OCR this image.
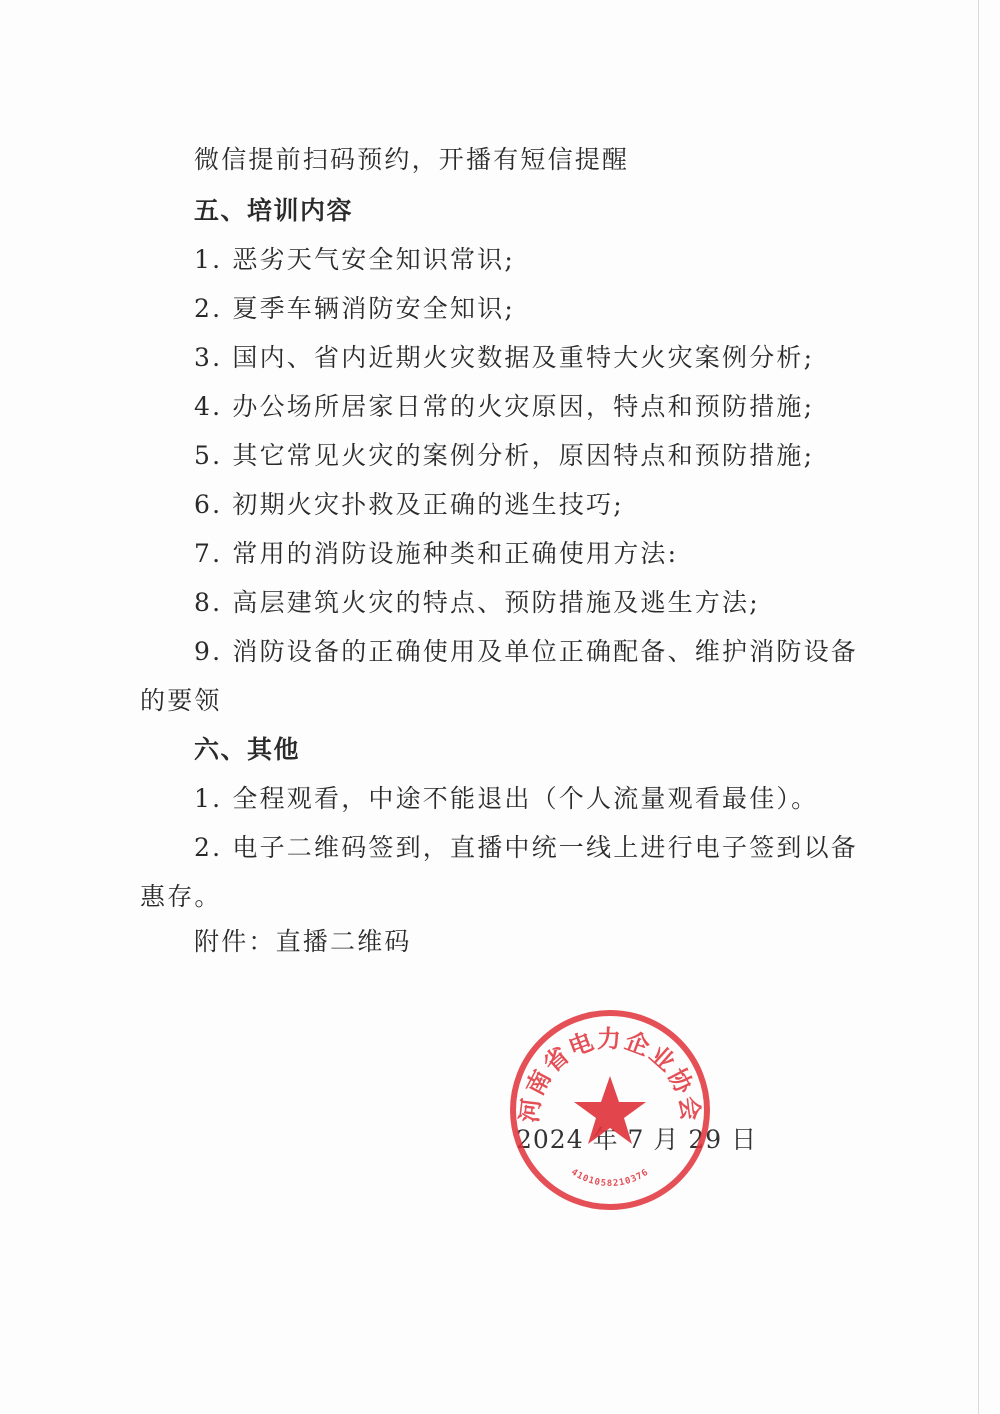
微信提前扫码预约，开播有短信提醒
五、培训内容
1. 恶劣天气安全知识常识;
2. 夏季车辆消防安全知识;
3. 国内、省内近期火灾数据及重特大火灾案例分析;
4. 办公场所居家日常的火灾原因，特点和预防措施;
5. 其它常见火灾的案例分析，原因特点和预防措施;
6. 初期火灾扑救及正确的逃生技巧;
7. 常用的消防设施种类和正确使用方法:
8. 高层建筑火灾的特点、预防措施及逃生方法;
9. 消防设备的正确使用及单位正确配备、维护消防设备
的要领
六、其他
1. 全程观看，中途不能退出（个人流量观看最佳）。
2. 电子二维码签到，直播中统一线上进行电子签到以备
惠存。
附件：直播二维码
2024 年 7 月 29 日
河南省电力企业协会
4101058210376
